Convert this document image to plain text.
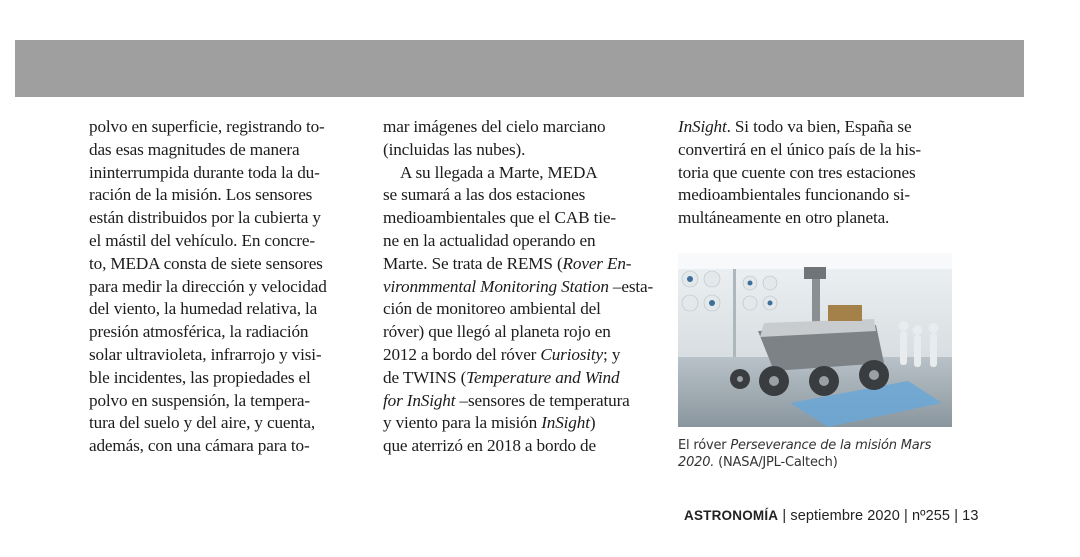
polvo en superficie, registrando to-
das esas magnitudes de manera
ininterrumpida durante toda la du-
ración de la misión. Los sensores
están distribuidos por la cubierta y
el mástil del vehículo. En concre-
to, MEDA consta de siete sensores
para medir la dirección y velocidad
del viento, la humedad relativa, la
presión atmosférica, la radiación
solar ultravioleta, infrarrojo y visi-
ble incidentes, las propiedades el
polvo en suspensión, la tempera-
tura del suelo y del aire, y cuenta,
además, con una cámara para to-
mar imágenes del cielo marciano
(incluidas las nubes).
A su llegada a Marte, MEDA
se sumará a las dos estaciones
medioambientales que el CAB tie-
ne en la actualidad operando en
Marte. Se trata de REMS (Rover En-
vironmmental Monitoring Station –esta-
ción de monitoreo ambiental del
róver) que llegó al planeta rojo en
2012 a bordo del róver Curiosity; y
de TWINS (Temperature and Wind
for InSight –sensores de temperatura
y viento para la misión InSight)
que aterrizó en 2018 a bordo de
InSight. Si todo va bien, España se
convertirá en el único país de la his-
toria que cuente con tres estaciones
medioambientales funcionando si-
multáneamente en otro planeta.
El róver Perseverance de la misión Mars
2020. (NASA/JPL-Caltech)
ASTRONOMÍA | septiembre 2020 | nº255 | 13
